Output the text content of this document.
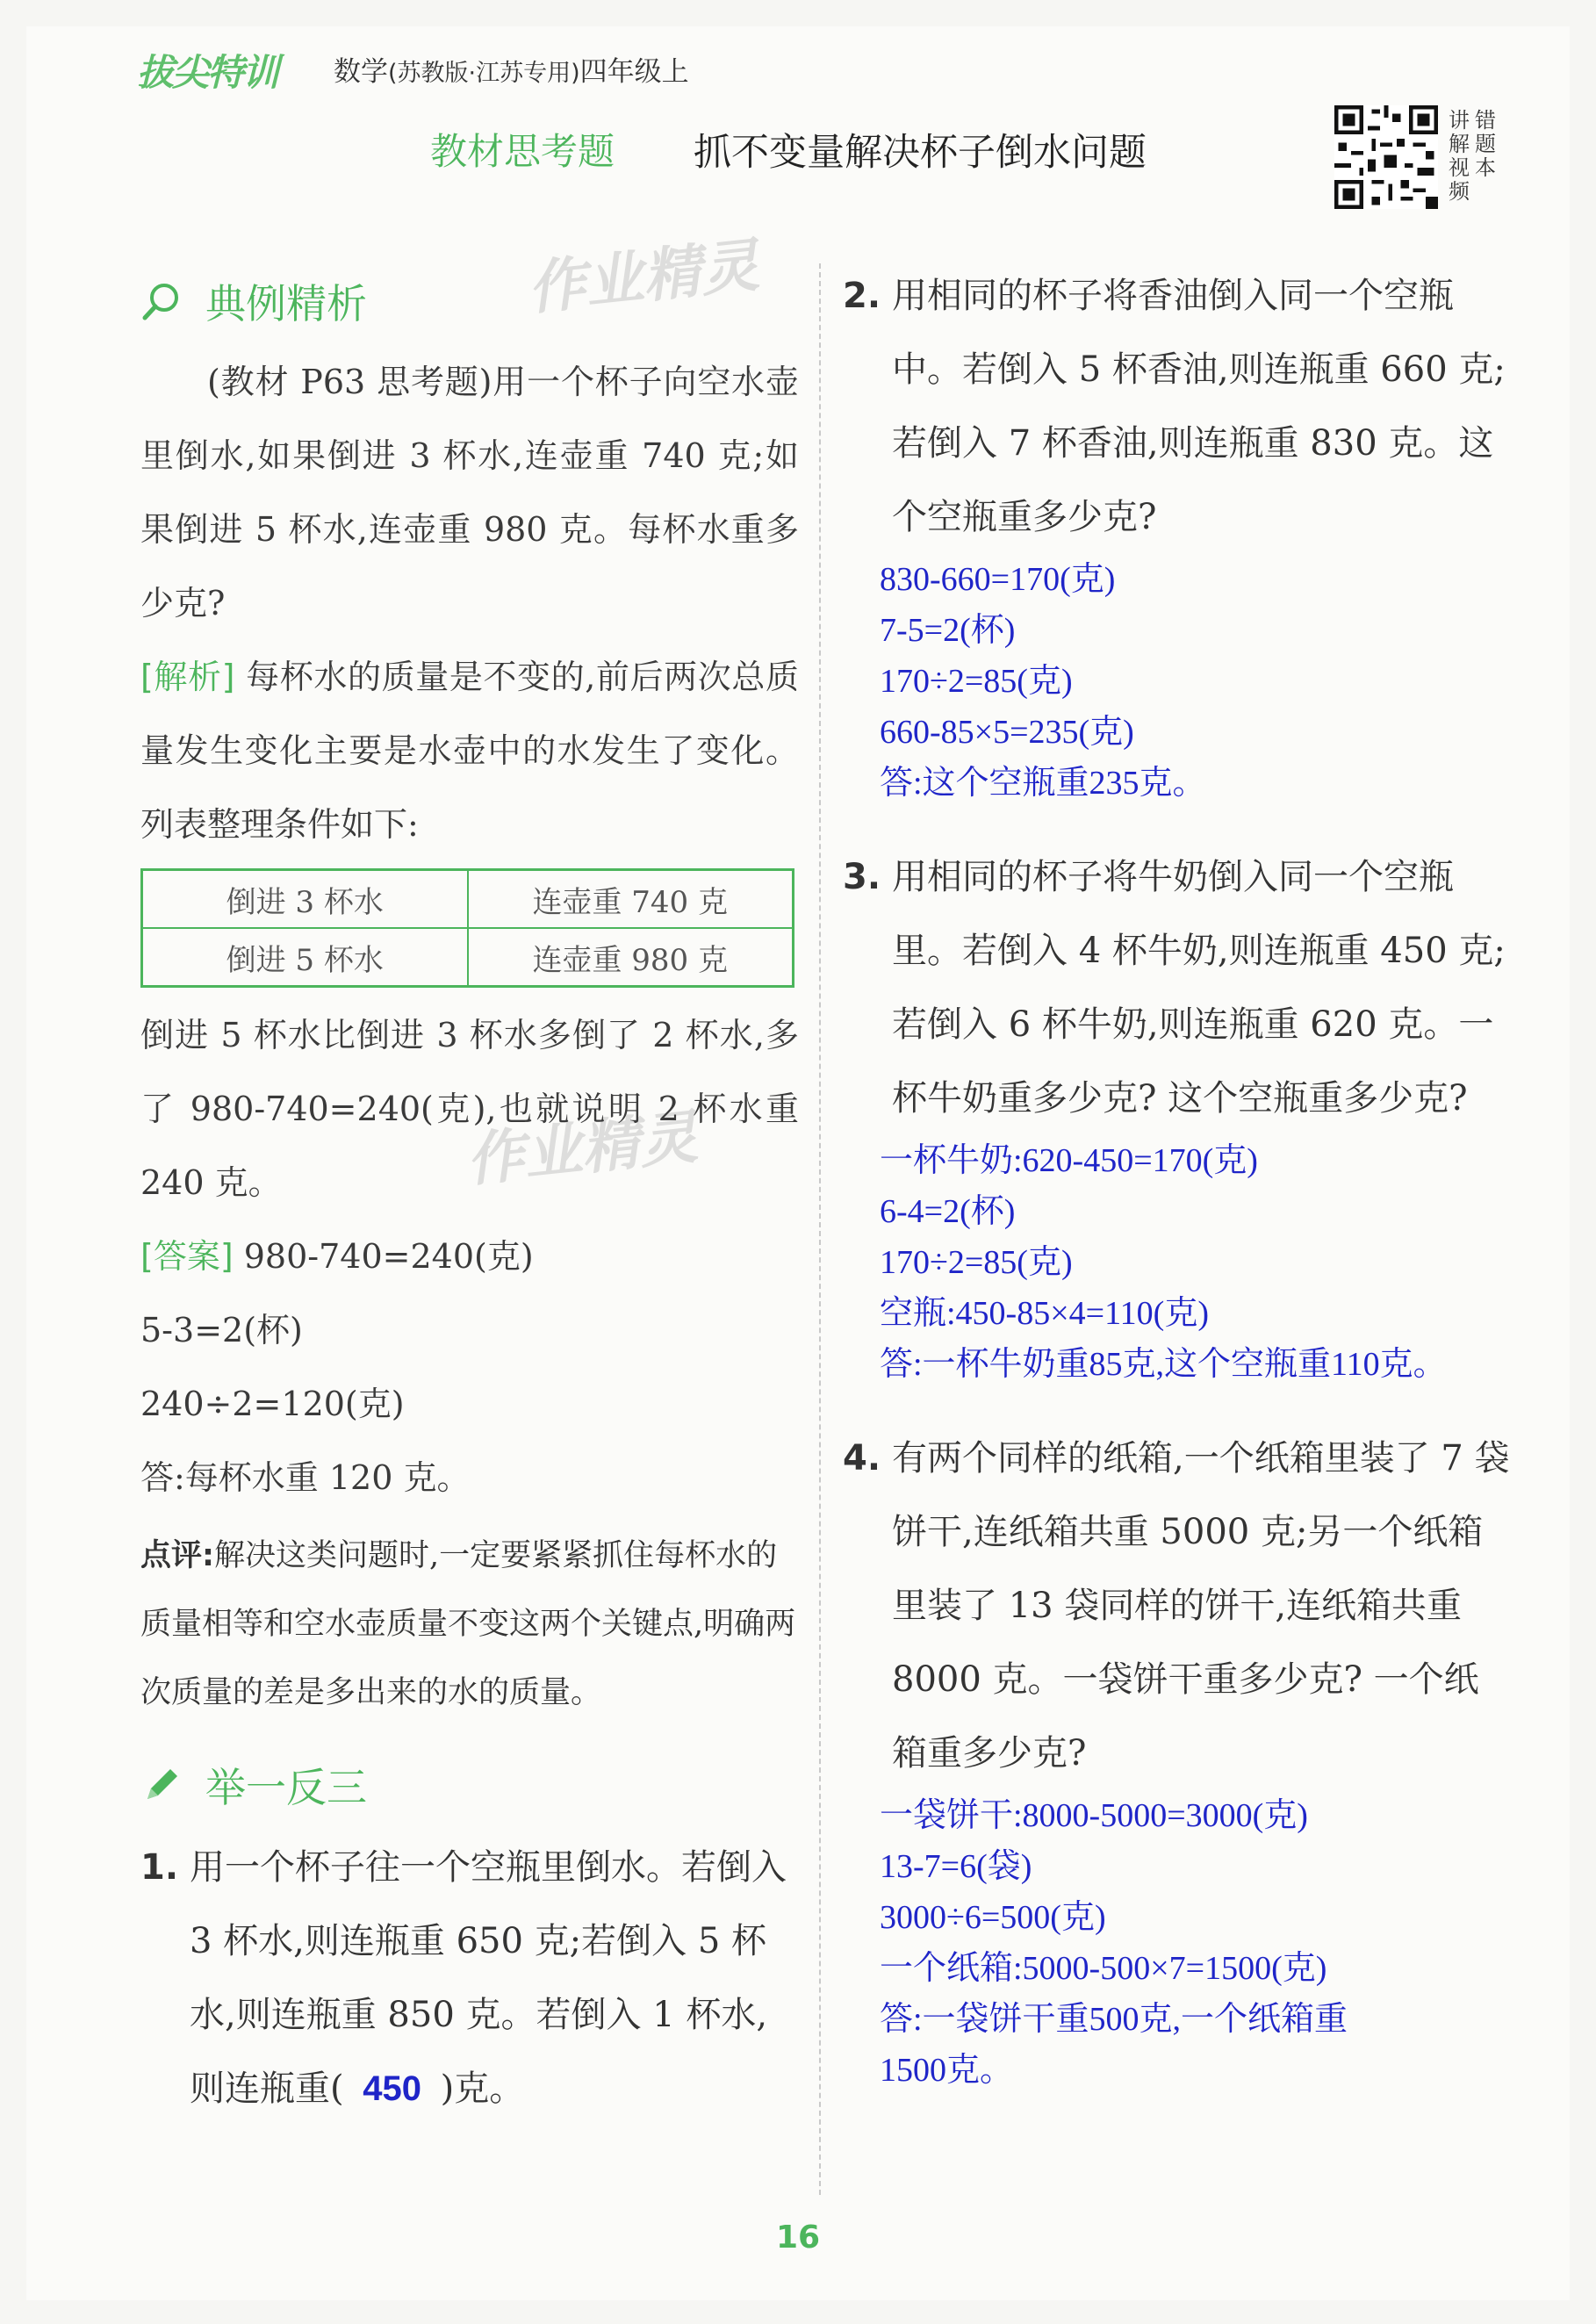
拔尖特训 数学(苏教版·江苏专用)四年级上
教材思考题 抓不变量解决杯子倒水问题
讲解视频
错题本
作业精灵
作业精灵
典例精析
(教材 P63 思考题)用一个杯子向空水壶里倒水,如果倒进 3 杯水,连壶重 740 克;如果倒进 5 杯水,连壶重 980 克。每杯水重多少克?
[解析] 每杯水的质量是不变的,前后两次总质量发生变化主要是水壶中的水发生了变化。列表整理条件如下:
倒进 3 杯水	连壶重 740 克
倒进 5 杯水	连壶重 980 克
倒进 5 杯水比倒进 3 杯水多倒了 2 杯水,多了 980-740=240(克),也就说明 2 杯水重 240 克。
[答案] 980-740=240(克)
5-3=2(杯)
240÷2=120(克)
答:每杯水重 120 克。
点评:解决这类问题时,一定要紧紧抓住每杯水的质量相等和空水壶质量不变这两个关键点,明确两次质量的差是多出来的水的质量。
举一反三
1. 用一个杯子往一个空瓶里倒水。若倒入 3 杯水,则连瓶重 650 克;若倒入 5 杯水,则连瓶重 850 克。若倒入 1 杯水,则连瓶重( 450 )克。
2. 用相同的杯子将香油倒入同一个空瓶中。若倒入 5 杯香油,则连瓶重 660 克;若倒入 7 杯香油,则连瓶重 830 克。这个空瓶重多少克?
830-660=170(克)
7-5=2(杯)
170÷2=85(克)
660-85×5=235(克)
答:这个空瓶重235克。
3. 用相同的杯子将牛奶倒入同一个空瓶里。若倒入 4 杯牛奶,则连瓶重 450 克;若倒入 6 杯牛奶,则连瓶重 620 克。一杯牛奶重多少克? 这个空瓶重多少克?
一杯牛奶:620-450=170(克)
6-4=2(杯)
170÷2=85(克)
空瓶:450-85×4=110(克)
答:一杯牛奶重85克,这个空瓶重110克。
4. 有两个同样的纸箱,一个纸箱里装了 7 袋饼干,连纸箱共重 5000 克;另一个纸箱里装了 13 袋同样的饼干,连纸箱共重 8000 克。一袋饼干重多少克? 一个纸箱重多少克?
一袋饼干:8000-5000=3000(克)
13-7=6(袋)
3000÷6=500(克)
一个纸箱:5000-500×7=1500(克)
答:一袋饼干重500克,一个纸箱重
1500克。
16
